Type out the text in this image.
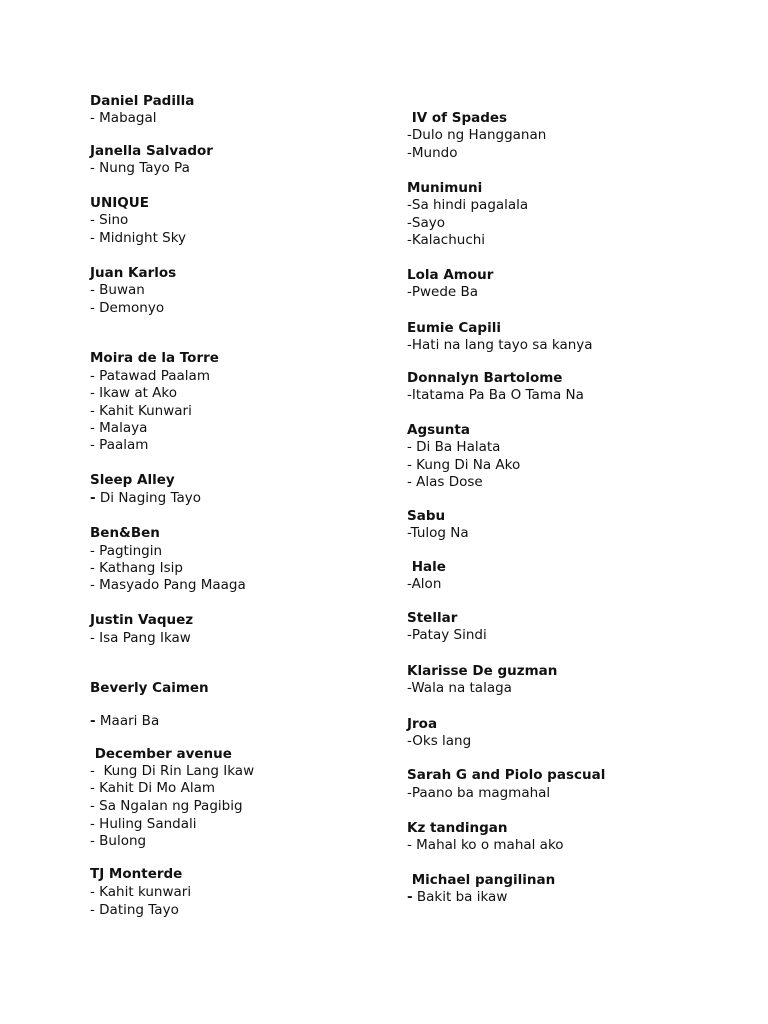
Daniel Padilla
- Mabagal
Janella Salvador
- Nung Tayo Pa
UNIQUE
- Sino
- Midnight Sky
Juan Karlos
- Buwan
- Demonyo
Moira de la Torre
- Patawad Paalam
- Ikaw at Ako
- Kahit Kunwari
- Malaya
- Paalam
Sleep Alley
- Di Naging Tayo
Ben&Ben
- Pagtingin
- Kathang Isip
- Masyado Pang Maaga
Justin Vaquez
- Isa Pang Ikaw
Beverly Caimen
- Maari Ba
December avenue
-  Kung Di Rin Lang Ikaw
- Kahit Di Mo Alam
- Sa Ngalan ng Pagibig
- Huling Sandali
- Bulong
TJ Monterde
- Kahit kunwari
- Dating Tayo
IV of Spades
-Dulo ng Hangganan
-Mundo
Munimuni
-Sa hindi pagalala
-Sayo
-Kalachuchi
Lola Amour
-Pwede Ba
Eumie Capili
-Hati na lang tayo sa kanya
Donnalyn Bartolome
-Itatama Pa Ba O Tama Na
Agsunta
- Di Ba Halata
- Kung Di Na Ako
- Alas Dose
Sabu
-Tulog Na
Hale
-Alon
Stellar
-Patay Sindi
Klarisse De guzman
-Wala na talaga
Jroa
-Oks lang
Sarah G and Piolo pascual
-Paano ba magmahal
Kz tandingan
- Mahal ko o mahal ako
Michael pangilinan
- Bakit ba ikaw
